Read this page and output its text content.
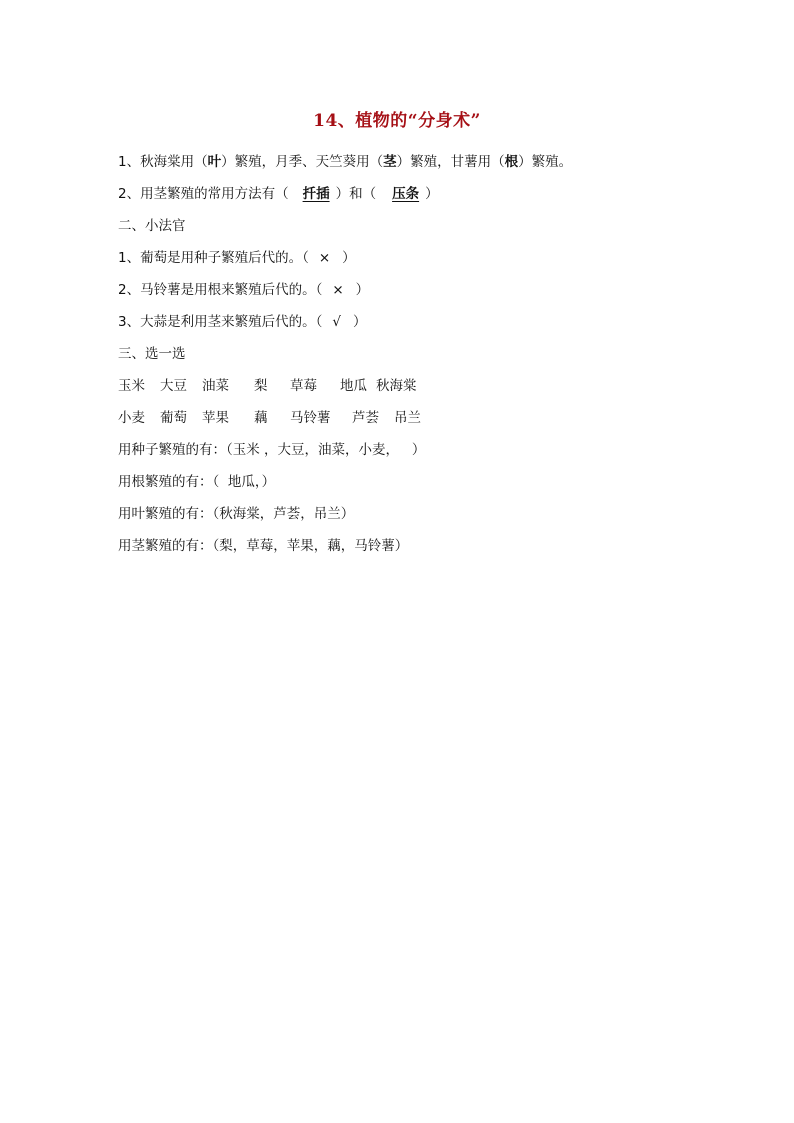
14、植物的“分身术”
1、秋海棠用（叶）繁殖，月季、天竺葵用（茎）繁殖，甘薯用（根）繁殖。
2、用茎繁殖的常用方法有（ 扦插 ）和（ 压条 ）
二、小法官
1、葡萄是用种子繁殖后代的。（ × ）
2、马铃薯是用根来繁殖后代的。（ × ）
3、大蒜是利用茎来繁殖后代的。（ √ ）
三、选一选
玉米 大豆 油菜 梨 草莓 地瓜 秋海棠
小麦 葡萄 苹果 藕 马铃薯 芦荟 吊兰
用种子繁殖的有：（玉米 ，大豆，油菜，小麦，   ）
用根繁殖的有：（  地瓜，）
用叶繁殖的有：（秋海棠，芦荟，吊兰）
用茎繁殖的有：（梨，草莓，苹果，藕，马铃薯）
